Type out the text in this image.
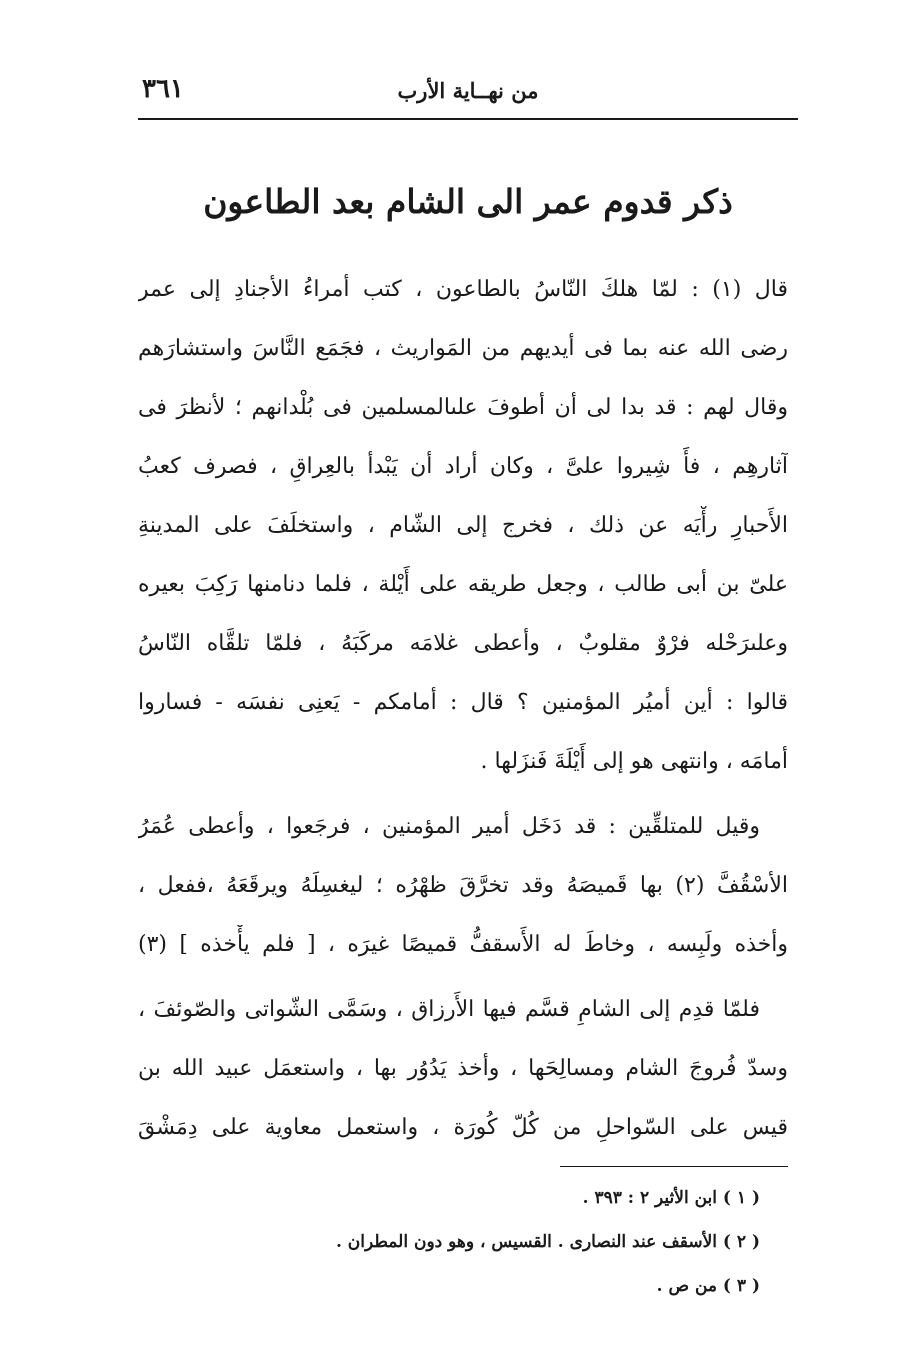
من نهــاية الأرب
٣٦١
ذكر قدوم عمر الى الشام بعد الطاعون
قال (١) : لمّا هلكَ النّاسُ بالطاعون ، كتب أمراءُ الأجنادِ إلى عمر
رضى الله عنه بما فى أيديهم من المَواريث ، فجَمَع النَّاسَ واستشارَهم
وقال لهم : قد بدا لى أن أطوفَ علىالمسلمين فى بُلْدانهم ؛ لأنظرَ فى
آثارهِم ، فأَ شِيروا علىَّ ، وكان أراد أن يَبْدأ بالعِراقِ ، فصرف كعبُ
الأَحبارِ رأْيَه عن ذلك ، فخرج إلى الشّام ، واستخلَفَ على المدينةِ
علىّ بن أبى طالب ، وجعل طريقه على أَيْلة ، فلما دنامنها رَكِبَ بعيره
وعلىرَحْله فرْوٌ مقلوبٌ ، وأعطى غلامَه مركَبَهُ ، فلمّا تلقَّاه النّاسُ
قالوا : أين أميُر المؤمنين ؟ قال : أمامكم - يَعنِى نفسَه - فساروا
أمامَه ، وانتهى هو إلى أَيْلَةَ فَنزَلها .
وقيل للمتلقِّين : قد دَخَل أمير المؤمنين ، فرجَعوا ، وأعطى عُمَرُ
الأسْقُفَّ (٢) بها قَميصَهُ وقد تخرَّقَ ظهْرُه ؛ ليغسِلَهُ ويرقَعَهُ ،ففعل ،
وأخذه ولَبِسه ، وخاطَ له الأَسقفُّ قميصًا غيرَه ، [ فلم يأْخذه ] (٣)
فلمّا قدِم إلى الشامِ قسَّم فيها الأَرزاق ، وسَمَّى الشّواتى والصّوئفَ ،
وسدّ فُروجَ الشام ومسالِحَها ، وأخذ يَدُوُر بها ، واستعمَل عبيد الله بن
قيس على السّواحلِ من كُلّ كُورَة ، واستعمل معاوية على دِمَشْقَ
( ١ ) ابن الأثير ٢ : ٣٩٣ .
( ٢ ) الأسقف عند النصارى . القسيس ، وهو دون المطران .
( ٣ ) من ص .
